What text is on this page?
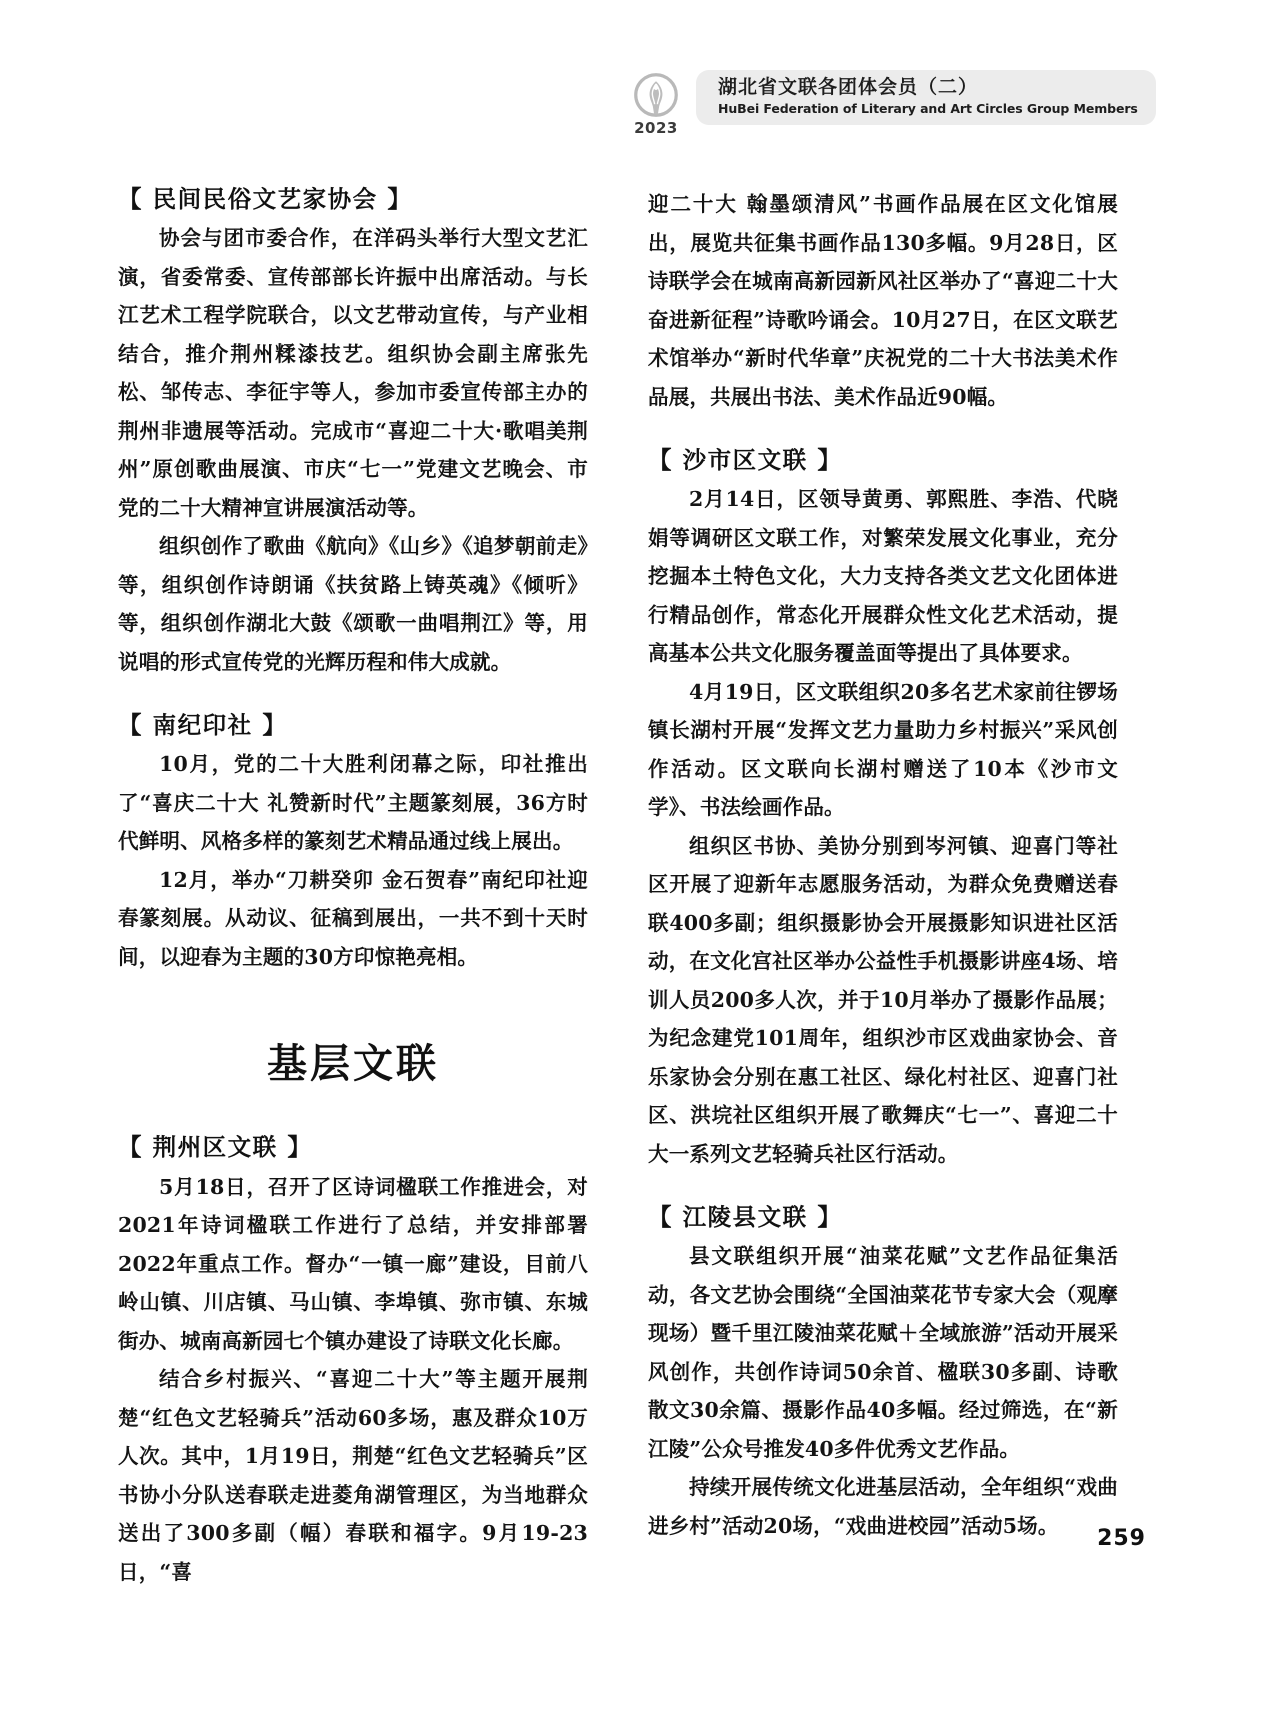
2023
湖北省文联各团体会员（二）
HuBei Federation of Literary and Art Circles Group Members
【 民间民俗文艺家协会 】

协会与团市委合作，在洋码头举行大型文艺汇演，省委常委、宣传部部长许振中出席活动。与长江艺术工程学院联合，以文艺带动宣传，与产业相结合，推介荆州糅漆技艺。组织协会副主席张先松、邹传志、李征宇等人，参加市委宣传部主办的荆州非遗展等活动。完成市“喜迎二十大·歌唱美荆州”原创歌曲展演、市庆“七一”党建文艺晚会、市党的二十大精神宣讲展演活动等。

组织创作了歌曲《航向》《山乡》《追梦朝前走》等，组织创作诗朗诵《扶贫路上铸英魂》《倾听》等，组织创作湖北大鼓《颂歌一曲唱荆江》等，用说唱的形式宣传党的光辉历程和伟大成就。

【 南纪印社 】

10月，党的二十大胜利闭幕之际，印社推出了“喜庆二十大 礼赞新时代”主题篆刻展，36方时代鲜明、风格多样的篆刻艺术精品通过线上展出。

12月，举办“刀耕癸卯 金石贺春”南纪印社迎春篆刻展。从动议、征稿到展出，一共不到十天时间，以迎春为主题的30方印惊艳亮相。

基层文联
【 荆州区文联 】

5月18日，召开了区诗词楹联工作推进会，对2021年诗词楹联工作进行了总结，并安排部署2022年重点工作。督办“一镇一廊”建设，目前八岭山镇、川店镇、马山镇、李埠镇、弥市镇、东城街办、城南高新园七个镇办建设了诗联文化长廊。

结合乡村振兴、“喜迎二十大”等主题开展荆楚“红色文艺轻骑兵”活动60多场，惠及群众10万人次。其中，1月19日，荆楚“红色文艺轻骑兵”区书协小分队送春联走进菱角湖管理区，为当地群众送出了300多副（幅）春联和福字。9月19-23日，“喜

迎二十大 翰墨颂清风”书画作品展在区文化馆展出，展览共征集书画作品130多幅。9月28日，区诗联学会在城南高新园新风社区举办了“喜迎二十大 奋进新征程”诗歌吟诵会。10月27日，在区文联艺术馆举办“新时代华章”庆祝党的二十大书法美术作品展，共展出书法、美术作品近90幅。

【 沙市区文联 】

2月14日，区领导黄勇、郭熙胜、李浩、代晓娟等调研区文联工作，对繁荣发展文化事业，充分挖掘本土特色文化，大力支持各类文艺文化团体进行精品创作，常态化开展群众性文化艺术活动，提高基本公共文化服务覆盖面等提出了具体要求。

4月19日，区文联组织20多名艺术家前往锣场镇长湖村开展“发挥文艺力量助力乡村振兴”采风创作活动。区文联向长湖村赠送了10本《沙市文学》、书法绘画作品。

组织区书协、美协分别到岑河镇、迎喜门等社区开展了迎新年志愿服务活动，为群众免费赠送春联400多副；组织摄影协会开展摄影知识进社区活动，在文化宫社区举办公益性手机摄影讲座4场、培训人员200多人次，并于10月举办了摄影作品展；为纪念建党101周年，组织沙市区戏曲家协会、音乐家协会分别在惠工社区、绿化村社区、迎喜门社区、洪垸社区组织开展了歌舞庆“七一”、喜迎二十大一系列文艺轻骑兵社区行活动。

【 江陵县文联 】

县文联组织开展“油菜花赋”文艺作品征集活动，各文艺协会围绕“全国油菜花节专家大会（观摩现场）暨千里江陵油菜花赋＋全域旅游”活动开展采风创作，共创作诗词50余首、楹联30多副、诗歌散文30余篇、摄影作品40多幅。经过筛选，在“新江陵”公众号推发40多件优秀文艺作品。

持续开展传统文化进基层活动，全年组织“戏曲进乡村”活动20场，“戏曲进校园”活动5场。

259
